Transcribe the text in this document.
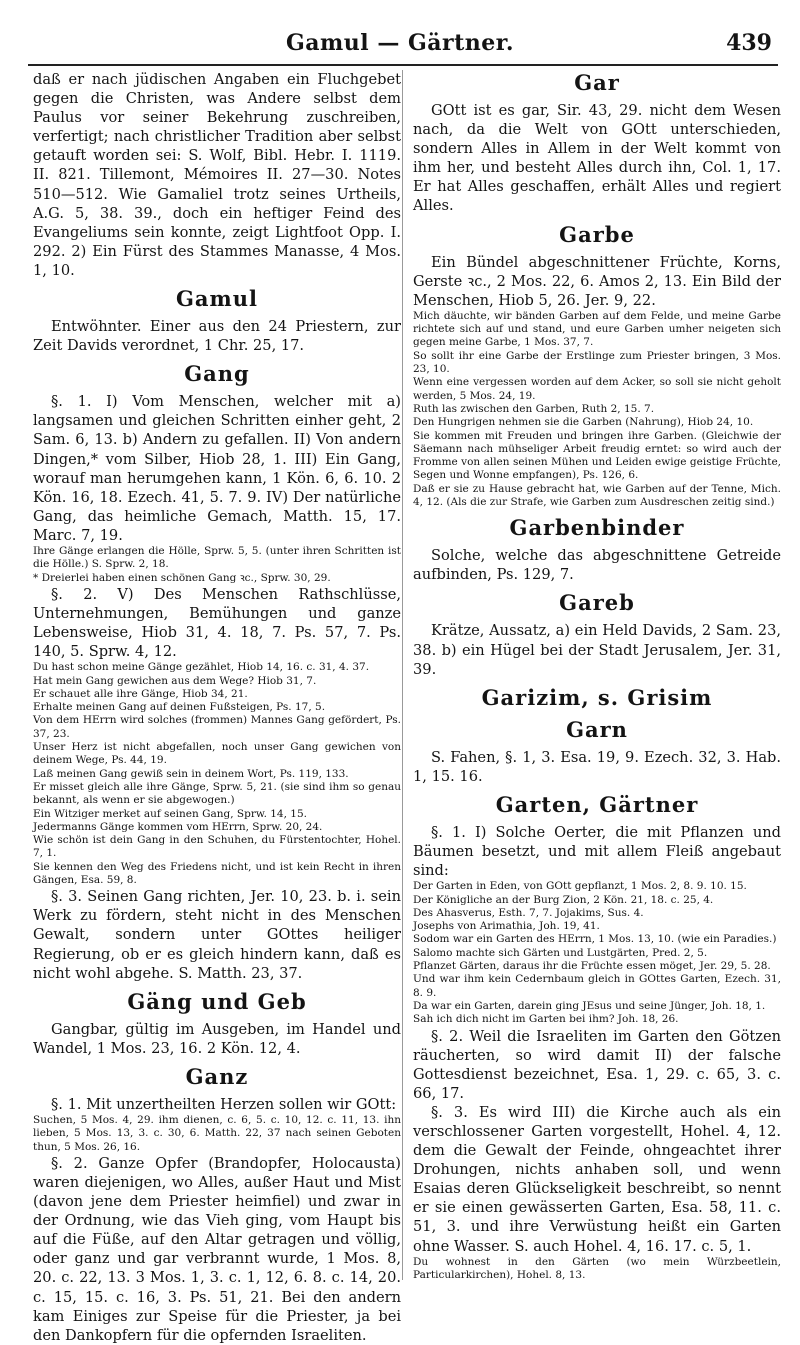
Gamul — Gärtner.	439

daß er nach jüdischen Angaben ein Fluchgebet gegen die Christen, was Andere selbst dem Paulus vor seiner Bekehrung zuschreiben, verfertigt; nach christlicher Tradition aber selbst getauft worden sei: S. Wolf, Bibl. Hebr. I. 1119. II. 821. Tillemont, Mémoires II. 27—30. Notes 510—512. Wie Gamaliel trotz seines Urtheils, A.G. 5, 38. 39., doch ein heftiger Feind des Evangeliums sein konnte, zeigt Lightfoot Opp. I. 292. 2) Ein Fürst des Stammes Manasse, 4 Mos. 1, 10.

Gamul

Entwöhnter. Einer aus den 24 Priestern, zur Zeit Davids verordnet, 1 Chr. 25, 17.

Gang

§. 1. I) Vom Menschen, welcher mit a) langsamen und gleichen Schritten einher geht, 2 Sam. 6, 13. b) Andern zu gefallen. II) Von andern Dingen,* vom Silber, Hiob 28, 1. III) Ein Gang, worauf man herumgehen kann, 1 Kön. 6, 6. 10. 2 Kön. 16, 18. Ezech. 41, 5. 7. 9. IV) Der natürliche Gang, das heimliche Gemach, Matth. 15, 17. Marc. 7, 19.

Ihre Gänge erlangen die Hölle, Sprw. 5, 5. (unter ihren Schritten ist die Hölle.) S. Sprw. 2, 18.
* Dreierlei haben einen schönen Gang ꝛc., Sprw. 30, 29.

§. 2. V) Des Menschen Rathschlüsse, Unternehmungen, Bemühungen und ganze Lebensweise, Hiob 31, 4. 18, 7. Ps. 57, 7. Ps. 140, 5. Sprw. 4, 12.

Du hast schon meine Gänge gezählet, Hiob 14, 16. c. 31, 4. 37.
Hat mein Gang gewichen aus dem Wege? Hiob 31, 7.
Er schauet alle ihre Gänge, Hiob 34, 21.
Erhalte meinen Gang auf deinen Fußsteigen, Ps. 17, 5.
Von dem HErrn wird solches (frommen) Mannes Gang gefördert, Ps. 37, 23.
Unser Herz ist nicht abgefallen, noch unser Gang gewichen von deinem Wege, Ps. 44, 19.
Laß meinen Gang gewiß sein in deinem Wort, Ps. 119, 133.
Er misset gleich alle ihre Gänge, Sprw. 5, 21. (sie sind ihm so genau bekannt, als wenn er sie abgewogen.)
Ein Witziger merket auf seinen Gang, Sprw. 14, 15.
Jedermanns Gänge kommen vom HErrn, Sprw. 20, 24.
Wie schön ist dein Gang in den Schuhen, du Fürstentochter, Hohel. 7, 1.
Sie kennen den Weg des Friedens nicht, und ist kein Recht in ihren Gängen, Esa. 59, 8.

§. 3. Seinen Gang richten, Jer. 10, 23. b. i. sein Werk zu fördern, steht nicht in des Menschen Gewalt, sondern unter GOttes heiliger Regierung, ob er es gleich hindern kann, daß es nicht wohl abgehe. S. Matth. 23, 37.

Gäng und Geb

Gangbar, gültig im Ausgeben, im Handel und Wandel, 1 Mos. 23, 16. 2 Kön. 12, 4.

Ganz

§. 1. Mit unzertheilten Herzen sollen wir GOtt:

Suchen, 5 Mos. 4, 29. ihm dienen, c. 6, 5. c. 10, 12. c. 11, 13. ihn lieben, 5 Mos. 13, 3. c. 30, 6. Matth. 22, 37 nach seinen Geboten thun, 5 Mos. 26, 16.

§. 2. Ganze Opfer (Brandopfer, Holocausta) waren diejenigen, wo Alles, außer Haut und Mist (davon jene dem Priester heimfiel) und zwar in der Ordnung, wie das Vieh ging, vom Haupt bis auf die Füße, auf den Altar getragen und völlig, oder ganz und gar verbrannt wurde, 1 Mos. 8, 20. c. 22, 13. 3 Mos. 1, 3. c. 1, 12, 6. 8. c. 14, 20. c. 15, 15. c. 16, 3. Ps. 51, 21. Bei den andern kam Einiges zur Speise für die Priester, ja bei den Dankopfern für die opfernden Israeliten.

Gar

GOtt ist es gar, Sir. 43, 29. nicht dem Wesen nach, da die Welt von GOtt unterschieden, sondern Alles in Allem in der Welt kommt von ihm her, und besteht Alles durch ihn, Col. 1, 17. Er hat Alles geschaffen, erhält Alles und regiert Alles.

Garbe

Ein Bündel abgeschnittener Früchte, Korns, Gerste ꝛc., 2 Mos. 22, 6. Amos 2, 13. Ein Bild der Menschen, Hiob 5, 26. Jer. 9, 22.

Mich däuchte, wir bänden Garben auf dem Felde, und meine Garbe richtete sich auf und stand, und eure Garben umher neigeten sich gegen meine Garbe, 1 Mos. 37, 7.
So sollt ihr eine Garbe der Erstlinge zum Priester bringen, 3 Mos. 23, 10.
Wenn eine vergessen worden auf dem Acker, so soll sie nicht geholt werden, 5 Mos. 24, 19.
Ruth las zwischen den Garben, Ruth 2, 15. 7.
Den Hungrigen nehmen sie die Garben (Nahrung), Hiob 24, 10.
Sie kommen mit Freuden und bringen ihre Garben. (Gleichwie der Säemann nach mühseliger Arbeit freudig erntet: so wird auch der Fromme von allen seinen Mühen und Leiden ewige geistige Früchte, Segen und Wonne empfangen), Ps. 126, 6.
Daß er sie zu Hause gebracht hat, wie Garben auf der Tenne, Mich. 4, 12. (Als die zur Strafe, wie Garben zum Ausdreschen zeitig sind.)
Garbenbinder

Solche, welche das abgeschnittene Getreide aufbinden, Ps. 129, 7.

Gareb

Krätze, Aussatz, a) ein Held Davids, 2 Sam. 23, 38. b) ein Hügel bei der Stadt Jerusalem, Jer. 31, 39.

Garizim, s. Grisim
Garn

S. Fahen, §. 1, 3. Esa. 19, 9. Ezech. 32, 3. Hab. 1, 15. 16.

Garten, Gärtner

§. 1. I) Solche Oerter, die mit Pflanzen und Bäumen besetzt, und mit allem Fleiß angebaut sind:

Der Garten in Eden, von GOtt gepflanzt, 1 Mos. 2, 8. 9. 10. 15.
Der Königliche an der Burg Zion, 2 Kön. 21, 18. c. 25, 4.
Des Ahasverus, Esth. 7, 7. Jojakims, Sus. 4.
Josephs von Arimathia, Joh. 19, 41.
Sodom war ein Garten des HErrn, 1 Mos. 13, 10. (wie ein Paradies.)
Salomo machte sich Gärten und Lustgärten, Pred. 2, 5.
Pflanzet Gärten, daraus ihr die Früchte essen möget, Jer. 29, 5. 28.
Und war ihm kein Cedernbaum gleich in GOttes Garten, Ezech. 31, 8. 9.
Da war ein Garten, darein ging JEsus und seine Jünger, Joh. 18, 1.
Sah ich dich nicht im Garten bei ihm? Joh. 18, 26.

§. 2. Weil die Israeliten im Garten den Götzen räucherten, so wird damit II) der falsche Gottesdienst bezeichnet, Esa. 1, 29. c. 65, 3. c. 66, 17.

§. 3. Es wird III) die Kirche auch als ein verschlossener Garten vorgestellt, Hohel. 4, 12. dem die Gewalt der Feinde, ohngeachtet ihrer Drohungen, nichts anhaben soll, und wenn Esaias deren Glückseligkeit beschreibt, so nennt er sie einen gewässerten Garten, Esa. 58, 11. c. 51, 3. und ihre Verwüstung heißt ein Garten ohne Wasser. S. auch Hohel. 4, 16. 17. c. 5, 1.

Du wohnest in den Gärten (wo mein Würzbeetlein, Particularkirchen), Hohel. 8, 13.
